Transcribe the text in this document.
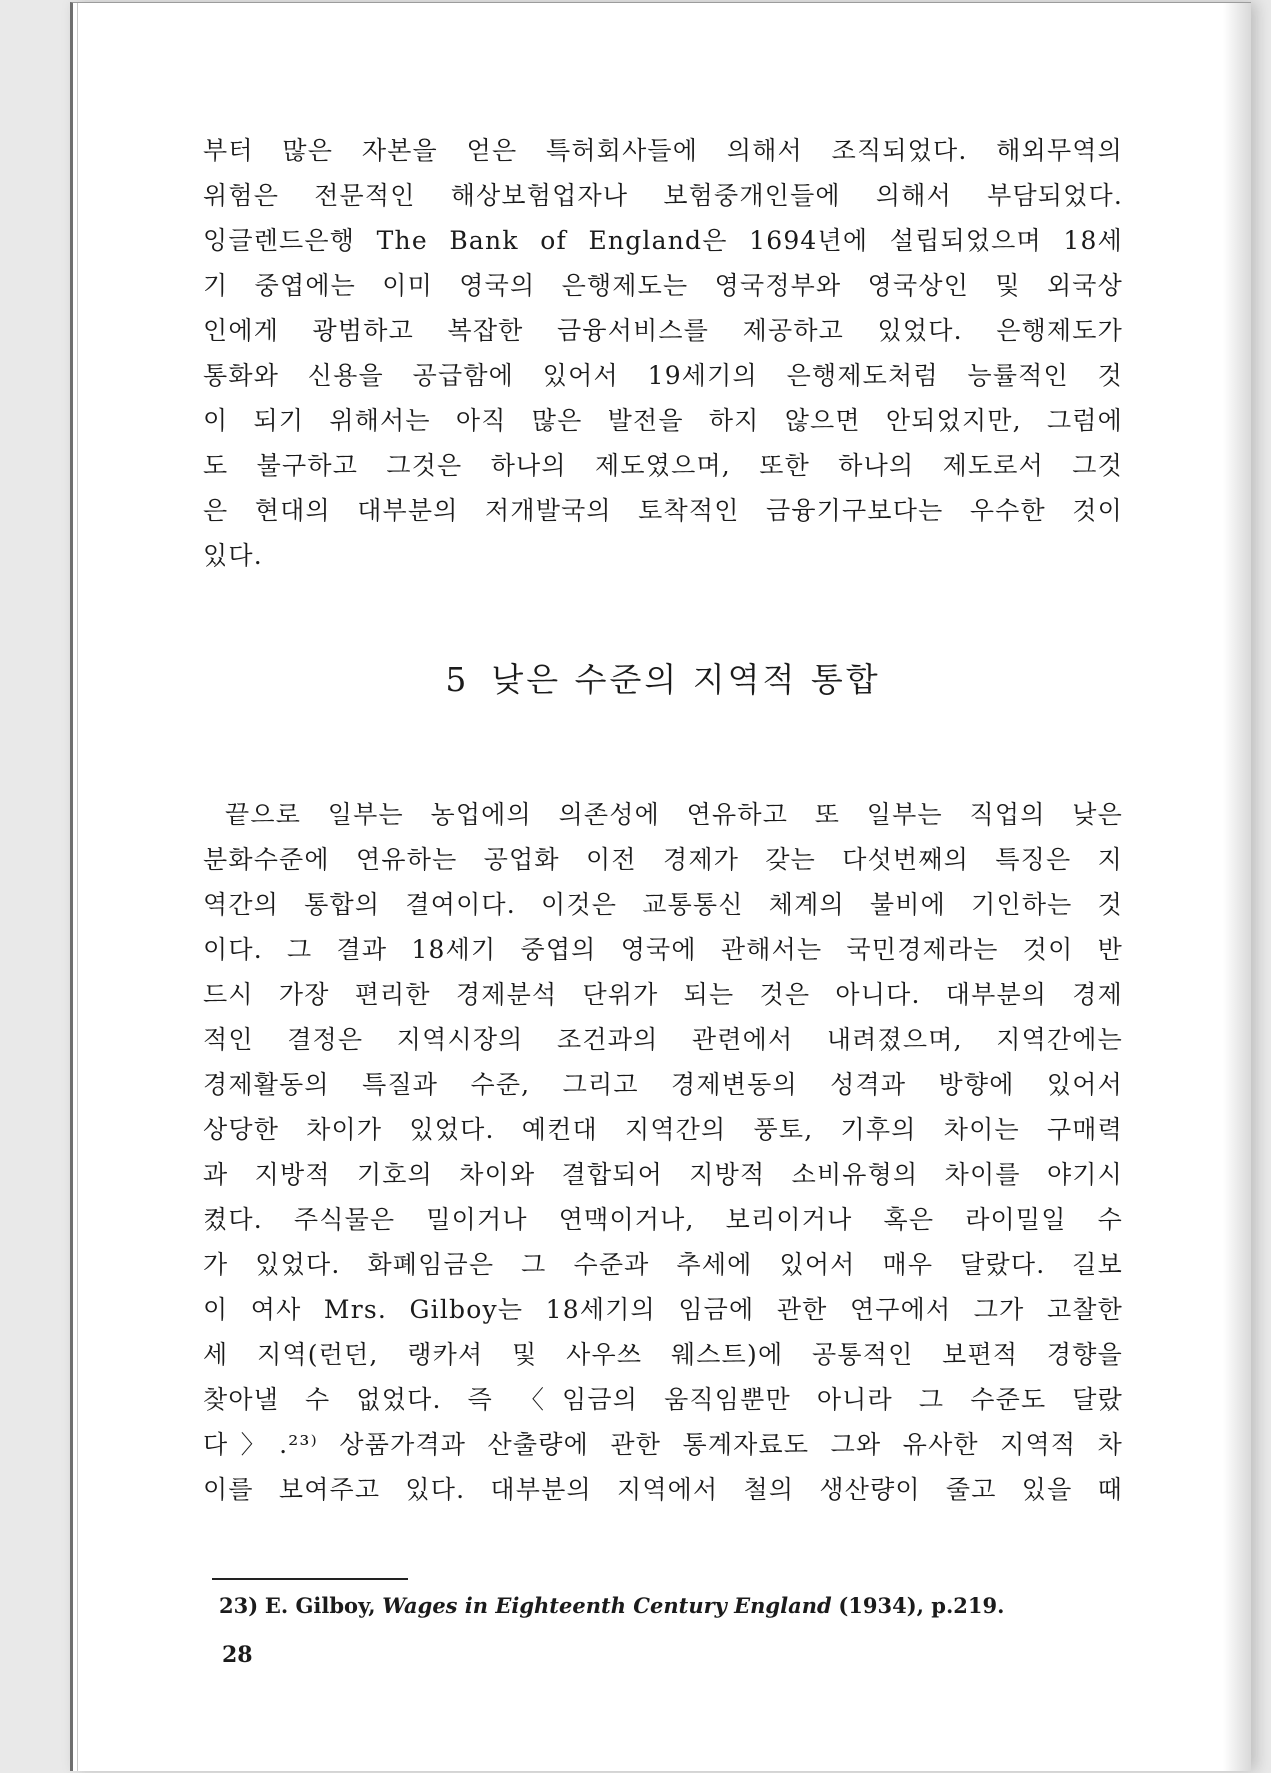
부터 많은 자본을 얻은 특허회사들에 의해서 조직되었다. 해외무역의
위험은 전문적인 해상보험업자나 보험중개인들에 의해서 부담되었다.
잉글렌드은행 The Bank of England은 1694년에 설립되었으며 18세
기 중엽에는 이미 영국의 은행제도는 영국정부와 영국상인 및 외국상
인에게 광범하고 복잡한 금융서비스를 제공하고 있었다. 은행제도가
통화와 신용을 공급함에 있어서 19세기의 은행제도처럼 능률적인 것
이 되기 위해서는 아직 많은 발전을 하지 않으면 안되었지만, 그럼에
도 불구하고 그것은 하나의 제도였으며, 또한 하나의 제도로서 그것
은 현대의 대부분의 저개발국의 토착적인 금융기구보다는 우수한 것이
있다.
5 낮은 수준의 지역적 통합
끝으로 일부는 농업에의 의존성에 연유하고 또 일부는 직업의 낮은
분화수준에 연유하는 공업화 이전 경제가 갖는 다섯번째의 특징은 지
역간의 통합의 결여이다. 이것은 교통통신 체계의 불비에 기인하는 것
이다. 그 결과 18세기 중엽의 영국에 관해서는 국민경제라는 것이 반
드시 가장 편리한 경제분석 단위가 되는 것은 아니다. 대부분의 경제
적인 결정은 지역시장의 조건과의 관련에서 내려졌으며, 지역간에는
경제활동의 특질과 수준, 그리고 경제변동의 성격과 방향에 있어서
상당한 차이가 있었다. 예컨대 지역간의 풍토, 기후의 차이는 구매력
과 지방적 기호의 차이와 결합되어 지방적 소비유형의 차이를 야기시
켰다. 주식물은 밀이거나 연맥이거나, 보리이거나 혹은 라이밀일 수
가 있었다. 화폐임금은 그 수준과 추세에 있어서 매우 달랐다. 길보
이 여사 Mrs. Gilboy는 18세기의 임금에 관한 연구에서 그가 고찰한
세 지역(런던, 랭카셔 및 사우쓰 웨스트)에 공통적인 보편적 경향을
찾아낼 수 없었다. 즉 〈임금의 움직임뿐만 아니라 그 수준도 달랐
다〉.²³⁾ 상품가격과 산출량에 관한 통계자료도 그와 유사한 지역적 차
이를 보여주고 있다. 대부분의 지역에서 철의 생산량이 줄고 있을 때
23) E. Gilboy, Wages in Eighteenth Century England (1934), p.219.
28
